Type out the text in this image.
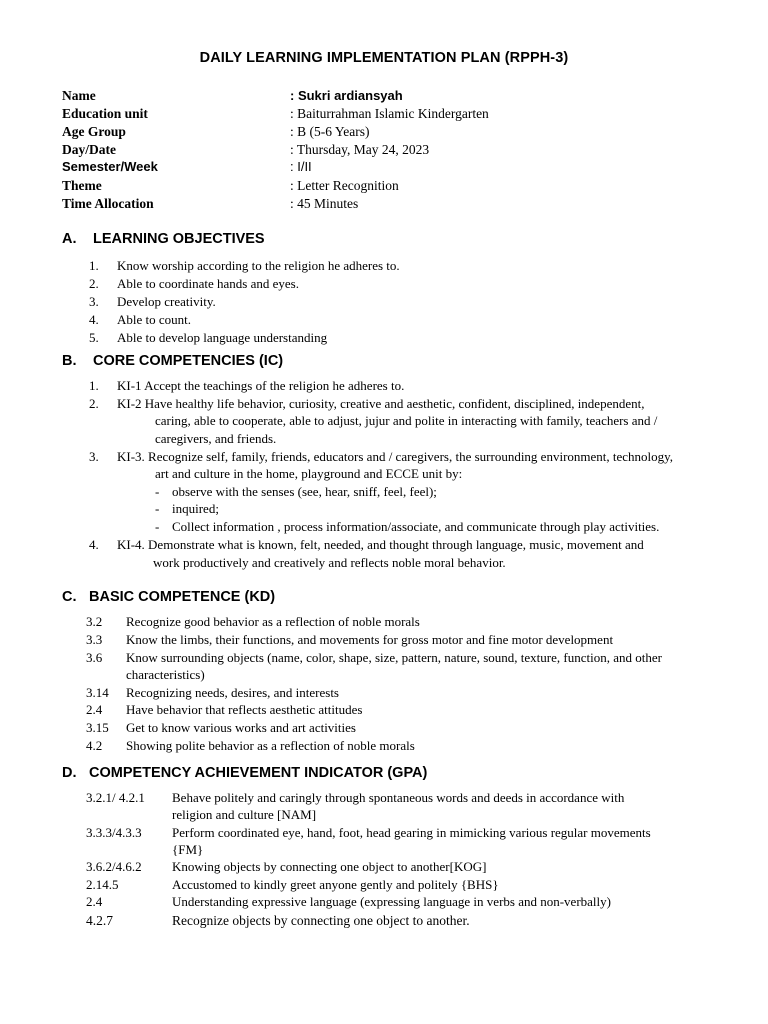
DAILY LEARNING IMPLEMENTATION PLAN (RPPH-3)
Name	: Sukri ardiansyah
Education unit	: Baiturrahman Islamic Kindergarten
Age Group	: B (5-6 Years)
Day/Date	: Thursday, May 24, 2023
Semester/Week	: I/II
Theme	: Letter Recognition
Time Allocation	: 45 Minutes
A. LEARNING OBJECTIVES
1. Know worship according to the religion he adheres to.
2. Able to coordinate hands and eyes.
3. Develop creativity.
4. Able to count.
5. Able to develop language understanding
B. CORE COMPETENCIES (IC)
1. KI-1 Accept the teachings of the religion he adheres to.
2. KI-2 Have healthy life behavior, curiosity, creative and aesthetic, confident, disciplined, independent,
caring, able to cooperate, able to adjust, jujur and polite in interacting with family, teachers and /
caregivers, and friends.
3. KI-3. Recognize self, family, friends, educators and / caregivers, the surrounding environment, technology,
art and culture in the home, playground and ECCE unit by:
- observe with the senses (see, hear, sniff, feel, feel);
- inquired;
- Collect information , process information/associate, and communicate through play activities.
4. KI-4. Demonstrate what is known, felt, needed, and thought through language, music, movement and
work productively and creatively and reflects noble moral behavior.
C. BASIC COMPETENCE (KD)
3.2 Recognize good behavior as a reflection of noble morals
3.3 Know the limbs, their functions, and movements for gross motor and fine motor development
3.6 Know surrounding objects (name, color, shape, size, pattern, nature, sound, texture, function, and other
characteristics)
3.14 Recognizing needs, desires, and interests
2.4 Have behavior that reflects aesthetic attitudes
3.15 Get to know various works and art activities
4.2 Showing polite behavior as a reflection of noble morals
D. COMPETENCY ACHIEVEMENT INDICATOR (GPA)
3.2.1/ 4.2.1 Behave politely and caringly through spontaneous words and deeds in accordance with
religion and culture [NAM]
3.3.3/4.3.3 Perform coordinated eye, hand, foot, head gearing in mimicking various regular movements
{FM}
3.6.2/4.6.2 Knowing objects by connecting one object to another[KOG]
2.14.5	Accustomed to kindly greet anyone gently and politely {BHS}
2.4	Understanding expressive language (expressing language in verbs and non-verbally)
4.2.7	Recognize objects by connecting one object to another.
